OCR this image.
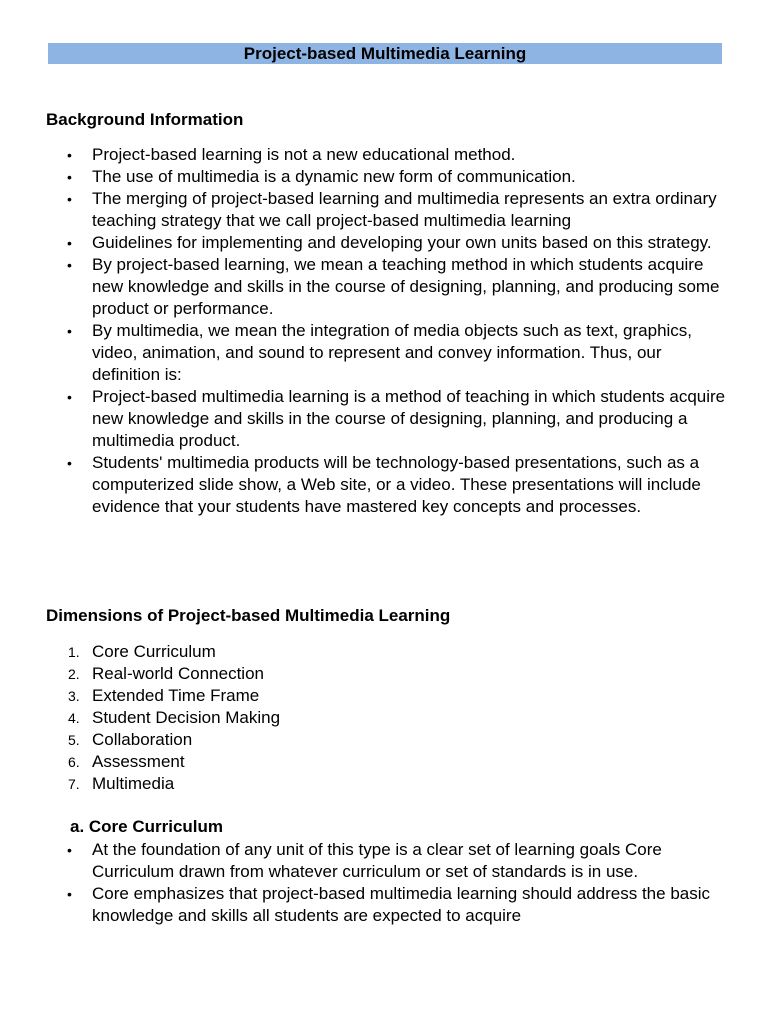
Project-based Multimedia Learning
Background Information
•	Project-based learning is not a new educational method.
•	The use of multimedia is a dynamic new form of communication.
•	The merging of project-based learning and multimedia represents an extra ordinary teaching strategy that we call project-based multimedia learning
•	Guidelines for implementing and developing your own units based on this strategy.
•	By project-based learning, we mean a teaching method in which students acquire new knowledge and skills in the course of designing, planning, and producing some product or performance.
•	By multimedia, we mean the integration of media objects such as text, graphics, video, animation, and sound to represent and convey information. Thus, our definition is:
•	Project-based multimedia learning is a method of teaching in which students acquire new knowledge and skills in the course of designing, planning, and producing a multimedia product.
•	Students' multimedia products will be technology-based presentations, such as a computerized slide show, a Web site, or a video. These presentations will include evidence that your students have mastered key concepts and processes.
Dimensions of Project-based Multimedia Learning
1. Core Curriculum
2. Real-world Connection
3. Extended Time Frame
4. Student Decision Making
5. Collaboration
6. Assessment
7. Multimedia
a. Core Curriculum
•	At the foundation of any unit of this type is a clear set of learning goals Core Curriculum drawn from whatever curriculum or set of standards is in use.
•	Core emphasizes that project-based multimedia learning should address the basic knowledge and skills all students are expected to acquire
